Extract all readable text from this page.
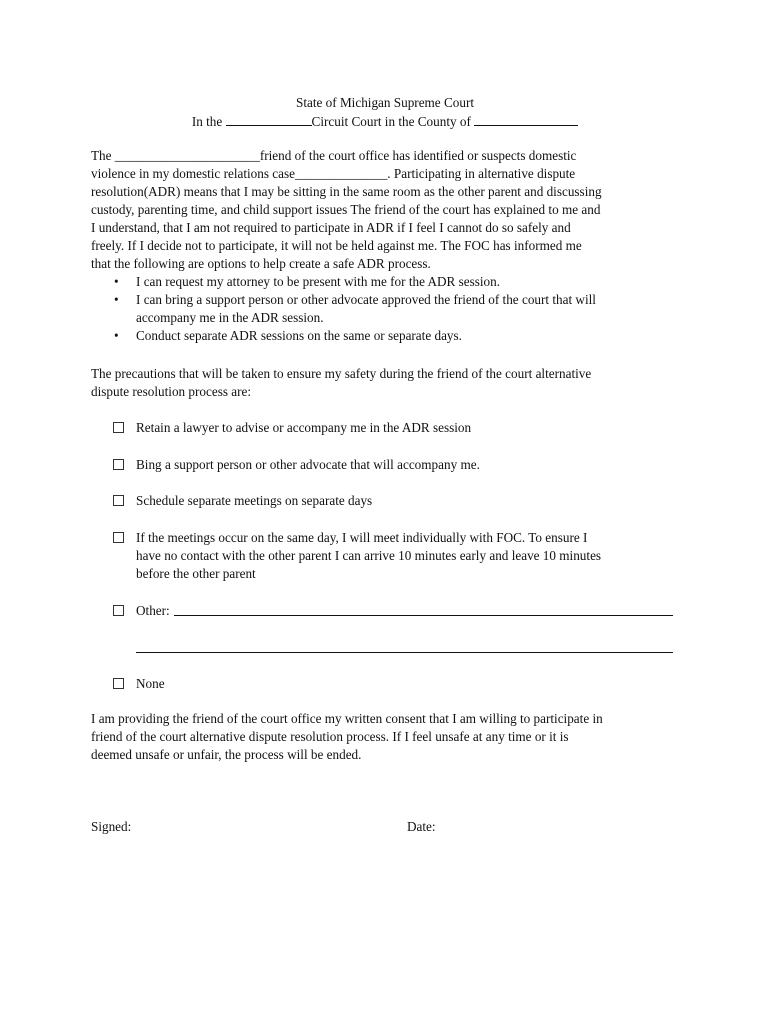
State of Michigan Supreme Court
In the	Circuit Court in the County of
The ______________________friend of the court office has identified or suspects domestic
violence in my domestic relations case______________. Participating in alternative dispute
resolution(ADR) means that I may be sitting in the same room as the other parent and discussing
custody, parenting time, and child support issues The friend of the court has explained to me and
I understand, that I am not required to participate in ADR if I feel I cannot do so safely and
freely. If I decide not to participate, it will not be held against me. The FOC has informed me
that the following are options to help create a safe ADR process.
• I can request my attorney to be present with me for the ADR session.
• I can bring a support person or other advocate approved the friend of the court that will
accompany me in the ADR session.
• Conduct separate ADR sessions on the same or separate days.
The precautions that will be taken to ensure my safety during the friend of the court alternative
dispute resolution process are:
Retain a lawyer to advise or accompany me in the ADR session
Bing a support person or other advocate that will accompany me.
Schedule separate meetings on separate days
If the meetings occur on the same day, I will meet individually with FOC. To ensure I
have no contact with the other parent I can arrive 10 minutes early and leave 10 minutes
before the other parent
Other:
None
I am providing the friend of the court office my written consent that I am willing to participate in
friend of the court alternative dispute resolution process. If I feel unsafe at any time or it is
deemed unsafe or unfair, the process will be ended.
Signed:	Date:
